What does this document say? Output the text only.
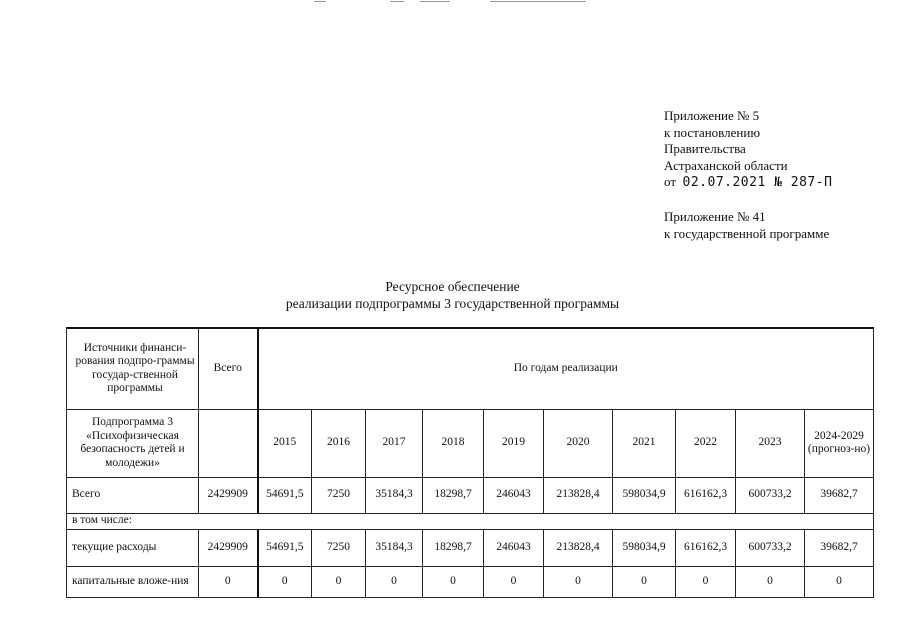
Приложение № 5
к постановлению
Правительства
Астраханской области
от 02.07.2021 № 287-П
Приложение № 41
к государственной программе
Ресурсное обеспечение
реализации подпрограммы 3 государственной программы
Источники финанси-рования подпро-граммы государ-ственной программы	Всего	По годам реализации									
Подпрограмма 3 «Психофизическая безопасность детей и молодежи»		2015	2016	2017	2018	2019	2020	2021	2022	2023	2024-2029 (прогноз-но)
Всего	2429909	54691,5	7250	35184,3	18298,7	246043	213828,4	598034,9	616162,3	600733,2	39682,7
в том числе:											
текущие расходы	2429909	54691,5	7250	35184,3	18298,7	246043	213828,4	598034,9	616162,3	600733,2	39682,7
капитальные вложе-ния	0	0	0	0	0	0	0	0	0	0	0
